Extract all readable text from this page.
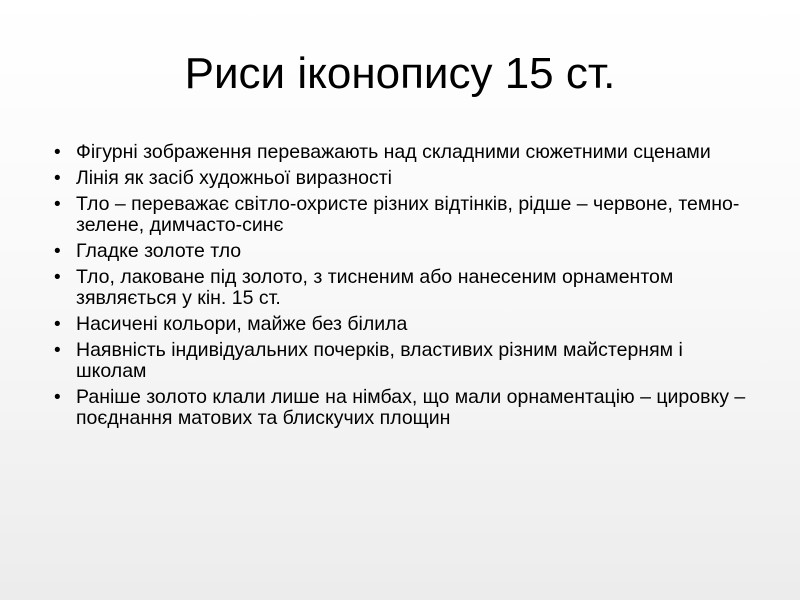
Риси іконопису 15 ст.
• Фігурні зображення переважають над складними сюжетними сценами
• Лінія як засіб художньої виразності
• Тло – переважає світло-охристе різних відтінків, рідше – червоне, темно-зелене, димчасто-синє
• Гладке золоте тло
• Тло, лаковане під золото, з тисненим або нанесеним орнаментом зявляється у кін. 15 ст.
• Насичені кольори, майже без білила
• Наявність індивідуальних почерків, властивих різним майстерням і школам
• Раніше золото клали лише на німбах, що мали орнаментацію – цировку – поєднання матових та блискучих площин
